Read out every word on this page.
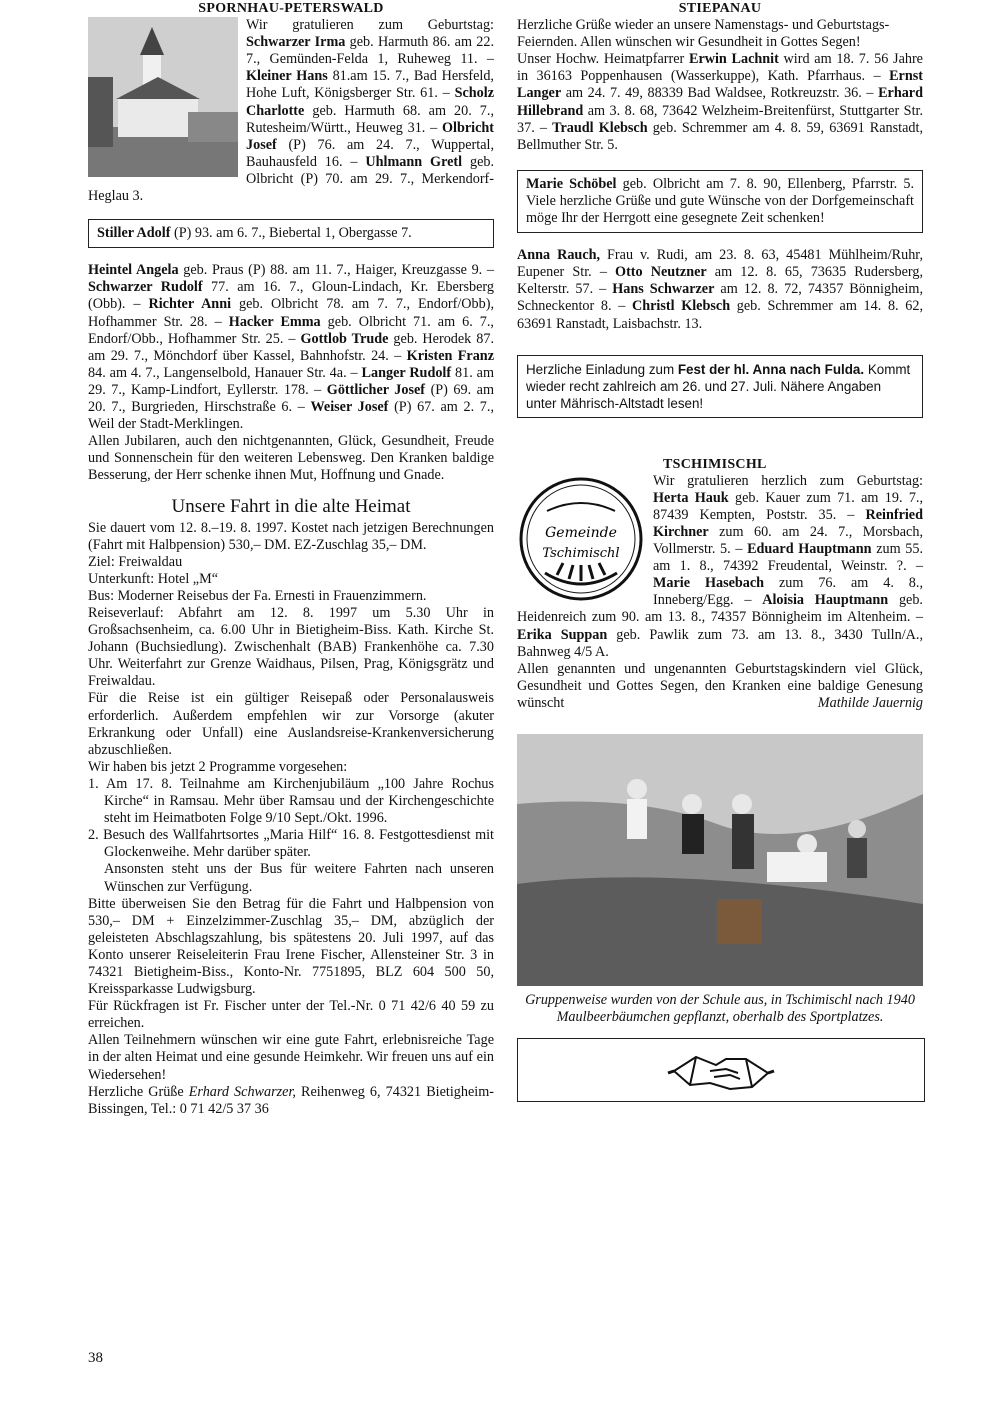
SPORNHAU-PETERSWALD

Wir gratulieren zum Geburtstag: Schwarzer Irma geb. Harmuth 86. am 22. 7., Gemünden-Felda 1, Ruheweg 11. – Kleiner Hans 81.am 15. 7., Bad Hersfeld, Hohe Luft, Königsberger Str. 61. – Scholz Charlotte geb. Harmuth 68. am 20. 7., Rutesheim/Württ., Heuweg 31. – Olbricht Josef (P) 76. am 24. 7., Wuppertal, Bauhausfeld 16. – Uhlmann Gretl geb. Olbricht (P) 70. am 29. 7., Merkendorf-Heglau 3.

Stiller Adolf (P) 93. am 6. 7., Biebertal 1, Obergasse 7.

Heintel Angela geb. Praus (P) 88. am 11. 7., Haiger, Kreuzgasse 9. – Schwarzer Rudolf 77. am 16. 7., Gloun-Lindach, Kr. Ebersberg (Obb). – Richter Anni geb. Olbricht 78. am 7. 7., Endorf/Obb), Hofhammer Str. 28. – Hacker Emma geb. Olbricht 71. am 6. 7., Endorf/Obb., Hofhammer Str. 25. – Gottlob Trude geb. Herodek 87. am 29. 7., Mönchdorf über Kassel, Bahnhofstr. 24. – Kristen Franz 84. am 4. 7., Langenselbold, Hanauer Str. 4a. – Langer Rudolf 81. am 29. 7., Kamp-Lindfort, Eyllerstr. 178. – Göttlicher Josef (P) 69. am 20. 7., Burgrieden, Hirschstraße 6. – Weiser Josef (P) 67. am 2. 7., Weil der Stadt-Merklingen.

Allen Jubilaren, auch den nichtgenannten, Glück, Gesundheit, Freude und Sonnenschein für den weiteren Lebensweg. Den Kranken baldige Besserung, der Herr schenke ihnen Mut, Hoffnung und Gnade.

Unsere Fahrt in die alte Heimat

Sie dauert vom 12. 8.–19. 8. 1997. Kostet nach jetzigen Berechnungen (Fahrt mit Halbpension) 530,– DM. EZ-Zuschlag 35,– DM.

Ziel: Freiwaldau

Unterkunft: Hotel „M“

Bus: Moderner Reisebus der Fa. Ernesti in Frauenzimmern.

Reiseverlauf: Abfahrt am 12. 8. 1997 um 5.30 Uhr in Großsachsenheim, ca. 6.00 Uhr in Bietigheim-Biss. Kath. Kirche St. Johann (Buchsiedlung). Zwischenhalt (BAB) Frankenhöhe ca. 7.30 Uhr. Weiterfahrt zur Grenze Waidhaus, Pilsen, Prag, Königsgrätz und Freiwaldau.

Für die Reise ist ein gültiger Reisepaß oder Personalausweis erforderlich. Außerdem empfehlen wir zur Vorsorge (akuter Erkrankung oder Unfall) eine Auslandsreise-Krankenversicherung abzuschließen.

Wir haben bis jetzt 2 Programme vorgesehen:

1. Am 17. 8. Teilnahme am Kirchenjubiläum „100 Jahre Rochus Kirche“ in Ramsau. Mehr über Ramsau und der Kirchengeschichte steht im Heimatboten Folge 9/10 Sept./Okt. 1996.

2. Besuch des Wallfahrtsortes „Maria Hilf“ 16. 8. Festgottesdienst mit Glockenweihe. Mehr darüber später.

Ansonsten steht uns der Bus für weitere Fahrten nach unseren Wünschen zur Verfügung.

Bitte überweisen Sie den Betrag für die Fahrt und Halbpension von 530,– DM + Einzelzimmer-Zuschlag 35,– DM, abzüglich der geleisteten Abschlagszahlung, bis spätestens 20. Juli 1997, auf das Konto unserer Reiseleiterin Frau Irene Fischer, Allensteiner Str. 3 in 74321 Bietigheim-Biss., Konto-Nr. 7751895, BLZ 604 500 50, Kreissparkasse Ludwigsburg.

Für Rückfragen ist Fr. Fischer unter der Tel.-Nr. 0 71 42/6 40 59 zu erreichen.

Allen Teilnehmern wünschen wir eine gute Fahrt, erlebnisreiche Tage in der alten Heimat und eine gesunde Heimkehr. Wir freuen uns auf ein Wiedersehen!

Herzliche Grüße Erhard Schwarzer, Reihenweg 6, 74321 Bietigheim-Bissingen, Tel.: 0 71 42/5 37 36

STIEPANAU

Herzliche Grüße wieder an unsere Namenstags- und Geburtstags-Feiernden. Allen wünschen wir Gesundheit in Gottes Segen!

Unser Hochw. Heimatpfarrer Erwin Lachnit wird am 18. 7. 56 Jahre in 36163 Poppenhausen (Wasserkuppe), Kath. Pfarrhaus. – Ernst Langer am 24. 7. 49, 88339 Bad Waldsee, Rotkreuzstr. 36. – Erhard Hillebrand am 3. 8. 68, 73642 Welzheim-Breitenfürst, Stuttgarter Str. 37. – Traudl Klebsch geb. Schremmer am 4. 8. 59, 63691 Ranstadt, Bellmuther Str. 5.

Marie Schöbel geb. Olbricht am 7. 8. 90, Ellenberg, Pfarrstr. 5. Viele herzliche Grüße und gute Wünsche von der Dorfgemeinschaft möge Ihr der Herrgott eine gesegnete Zeit schenken!

Anna Rauch, Frau v. Rudi, am 23. 8. 63, 45481 Mühlheim/Ruhr, Eupener Str. – Otto Neutzner am 12. 8. 65, 73635 Rudersberg, Kelterstr. 57. – Hans Schwarzer am 12. 8. 72, 74357 Bönnigheim, Schneckentor 8. – Christl Klebsch geb. Schremmer am 14. 8. 62, 63691 Ranstadt, Laisbachstr. 13.

Herzliche Einladung zum Fest der hl. Anna nach Fulda. Kommt wieder recht zahlreich am 26. und 27. Juli. Nähere Angaben unter Mährisch-Altstadt lesen!

TSCHIMISCHL
Gemeinde
Tschimischl

Wir gratulieren herzlich zum Geburtstag: Herta Hauk geb. Kauer zum 71. am 19. 7., 87439 Kempten, Poststr. 35. – Reinfried Kirchner zum 60. am 24. 7., Morsbach, Vollmerstr. 5. – Eduard Hauptmann zum 55. am 1. 8., 74392 Freudental, Weinstr. ?. – Marie Hasebach zum 76. am 4. 8., Inneberg/Egg. – Aloisia Hauptmann geb. Heidenreich zum 90. am 13. 8., 74357 Bönnigheim im Altenheim. – Erika Suppan geb. Pawlik zum 73. am 13. 8., 3430 Tulln/A., Bahnweg 4/5 A.

Allen genannten und ungenannten Geburtstagskindern viel Glück, Gesundheit und Gottes Segen, den Kranken eine baldige Genesung wünscht	Mathilde Jauernig

Gruppenweise wurden von der Schule aus, in Tschimischl nach 1940 Maulbeerbäumchen gepflanzt, oberhalb des Sportplatzes.

38
